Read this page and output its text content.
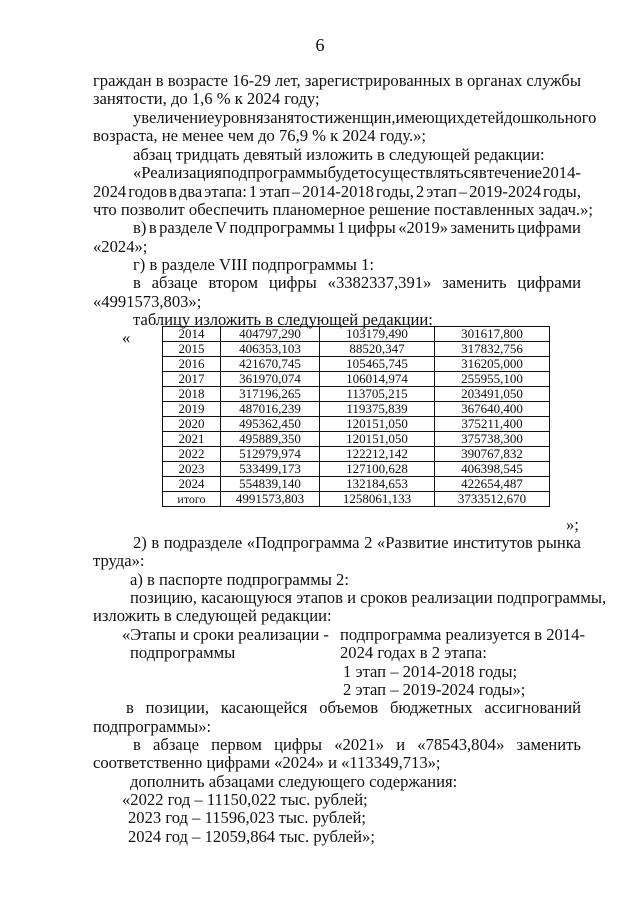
6
граждан в возрасте 16-29 лет, зарегистрированных в органах службы
занятости, до 1,6 % к 2024 году;
увеличение уровня занятости женщин, имеющих детей дошкольного
возраста, не менее чем до 76,9 % к 2024 году.»;
абзац тридцать девятый изложить в следующей редакции:
«Реализация подпрограммы будет осуществляться в течение 2014-
2024 годов в два этапа: 1 этап – 2014-2018 годы, 2 этап – 2019-2024 годы,
что позволит обеспечить планомерное решение поставленных задач.»;
в) в разделе V подпрограммы 1 цифры «2019» заменить цифрами
«2024»;
г) в разделе VIII подпрограммы 1:
в абзаце втором цифры «3382337,391» заменить цифрами
«4991573,803»;
таблицу изложить в следующей редакции:
«	2014	404797,290	103179,490	301617,800
2015	406353,103	88520,347	317832,756
2016	421670,745	105465,745	316205,000
2017	361970,074	106014,974	255955,100
2018	317196,265	113705,215	203491,050
2019	487016,239	119375,839	367640,400
2020	495362,450	120151,050	375211,400
2021	495889,350	120151,050	375738,300
2022	512979,974	122212,142	390767,832
2023	533499,173	127100,628	406398,545
2024	554839,140	132184,653	422654,487
итого	4991573,803	1258061,133	3733512,670
»;
2) в подразделе «Подпрограмма 2 «Развитие институтов рынка
труда»:
а) в паспорте подпрограммы 2:
позицию, касающуюся этапов и сроков реализации подпрограммы,
изложить в следующей редакции:
«Этапы и сроки реализации - подпрограмма реализуется в 2014-
подпрограммы	2024 годах в 2 этапа:
1 этап – 2014-2018 годы;
2 этап – 2019-2024 годы»;
в позиции, касающейся объемов бюджетных ассигнований
подпрограммы»:
в абзаце первом цифры «2021» и «78543,804» заменить
соответственно цифрами «2024» и «113349,713»;
дополнить абзацами следующего содержания:
«2022 год – 11150,022 тыс. рублей;
2023 год – 11596,023 тыс. рублей;
2024 год – 12059,864 тыс. рублей»;
